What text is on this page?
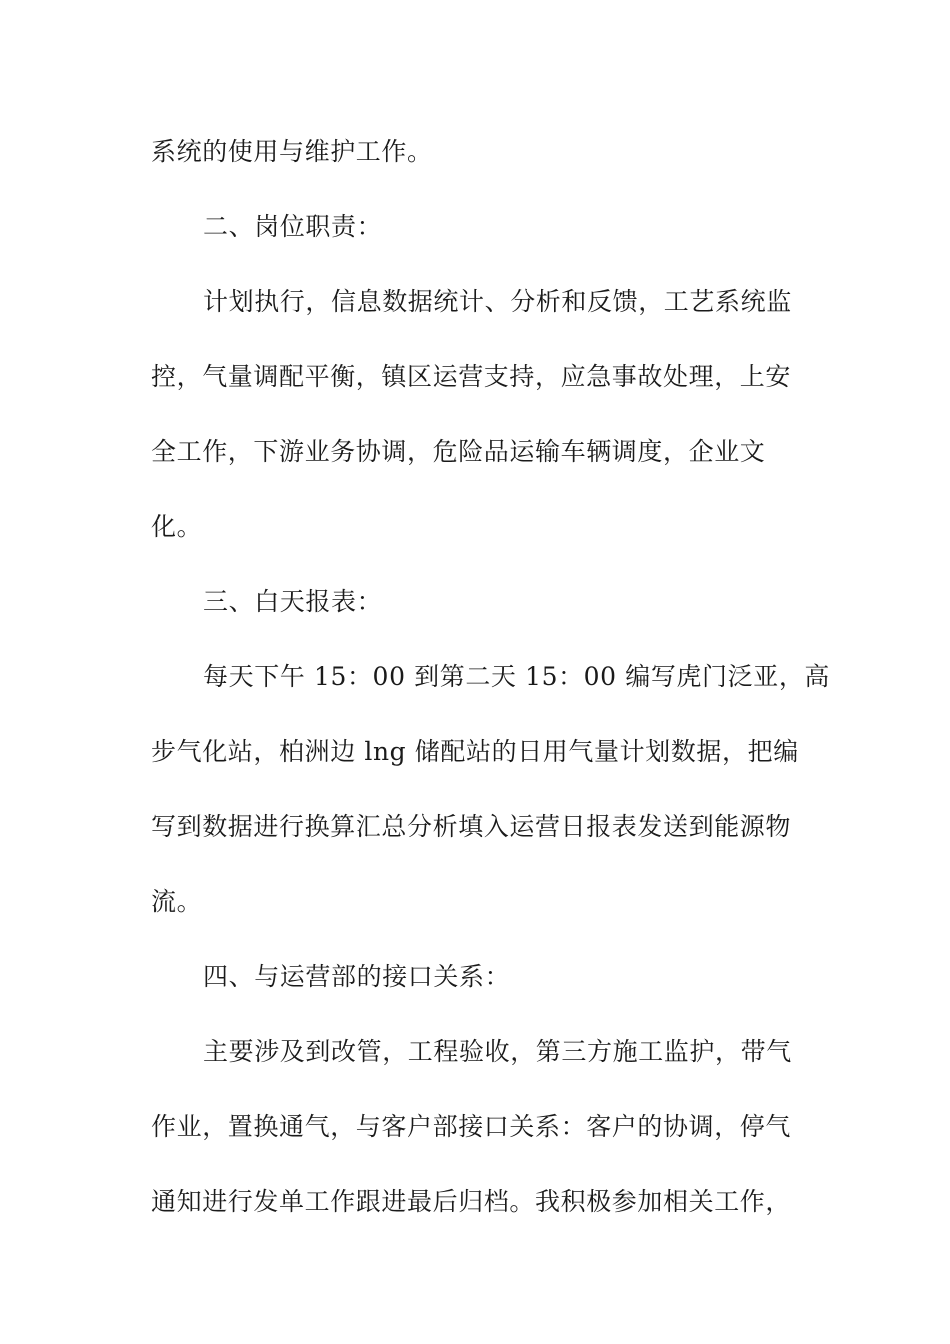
系统的使用与维护工作。
二、岗位职责：
计划执行，信息数据统计、分析和反馈，工艺系统监
控，气量调配平衡，镇区运营支持，应急事故处理，上安
全工作，下游业务协调，危险品运输车辆调度，企业文
化。
三、白天报表：
每天下午 15：00 到第二天 15：00 编写虎门泛亚，高
步气化站，柏洲边 lng 储配站的日用气量计划数据，把编
写到数据进行换算汇总分析填入运营日报表发送到能源物
流。
四、与运营部的接口关系：
主要涉及到改管，工程验收，第三方施工监护，带气
作业，置换通气，与客户部接口关系：客户的协调，停气
通知进行发单工作跟进最后归档。我积极参加相关工作，
